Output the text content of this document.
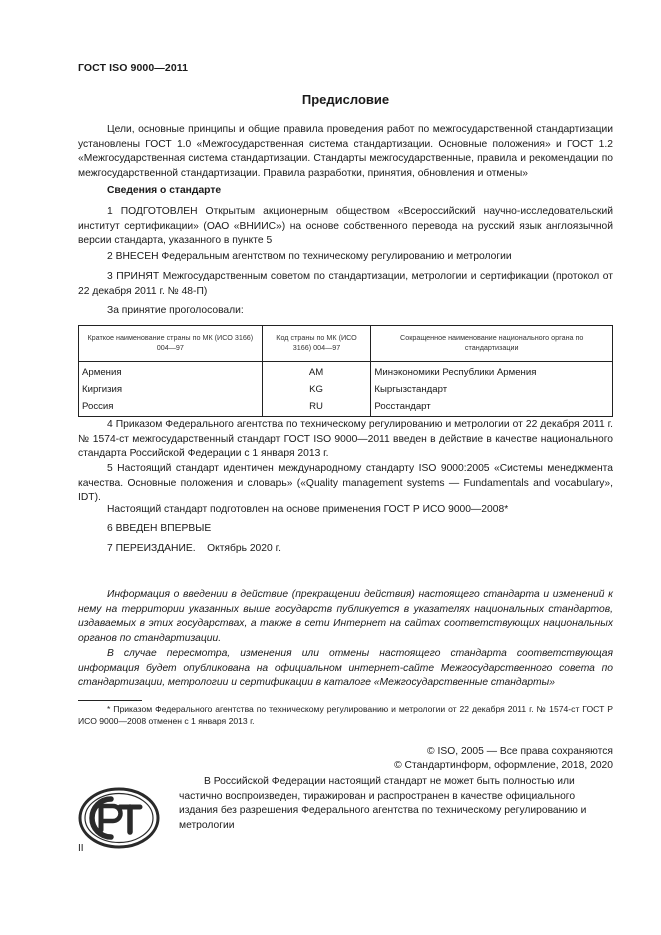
ГОСТ ISO 9000—2011
Предисловие

Цели, основные принципы и общие правила проведения работ по межгосударственной стандартизации установлены ГОСТ 1.0 «Межгосударственная система стандартизации. Основные положения» и ГОСТ 1.2 «Межгосударственная система стандартизации. Стандарты межгосударственные, правила и рекомендации по межгосударственной стандартизации. Правила разработки, принятия, обновления и отмены»

Сведения о стандарте

1 ПОДГОТОВЛЕН Открытым акционерным обществом «Всероссийский научно-исследовательский институт сертификации» (ОАО «ВНИИС») на основе собственного перевода на русский язык англоязычной версии стандарта, указанного в пункте 5

2 ВНЕСЕН Федеральным агентством по техническому регулированию и метрологии

3 ПРИНЯТ Межгосударственным советом по стандартизации, метрологии и сертификации (протокол от 22 декабря 2011 г. № 48-П)

За принятие проголосовали:

Краткое наименование страны по МК (ИСО 3166) 004—97	Код страны по МК (ИСО 3166) 004—97	Сокращенное наименование национального органа по стандартизации
Армения	AM	Минэкономики Республики Армения
Киргизия	KG	Кыргызстандарт
Россия	RU	Росстандарт

4 Приказом Федерального агентства по техническому регулированию и метрологии от 22 декабря 2011 г. № 1574-ст межгосударственный стандарт ГОСТ ISO 9000—2011 введен в действие в качестве национального стандарта Российской Федерации с 1 января 2013 г.

5 Настоящий стандарт идентичен международному стандарту ISO 9000:2005 «Системы менеджмента качества. Основные положения и словарь» («Quality management systems — Fundamentals and vocabulary», IDT).

Настоящий стандарт подготовлен на основе применения ГОСТ Р ИСО 9000—2008*

6 ВВЕДЕН ВПЕРВЫЕ

7 ПЕРЕИЗДАНИЕ.    Октябрь 2020 г.

Информация о введении в действие (прекращении действия) настоящего стандарта и изменений к нему на территории указанных выше государств публикуется в указателях национальных стандартов, издаваемых в этих государствах, а также в сети Интернет на сайтах соответствующих национальных органов по стандартизации.

В случае пересмотра, изменения или отмены настоящего стандарта соответствующая информация будет опубликована на официальном интернет-сайте Межгосударственного совета по стандартизации, метрологии и сертификации в каталоге «Межгосударственные стандарты»

* Приказом Федерального агентства по техническому регулированию и метрологии от 22 декабря 2011 г. № 1574-ст ГОСТ Р ИСО 9000—2008 отменен с 1 января 2013 г.

© ISO, 2005 — Все права сохраняются
© Стандартинформ, оформление, 2018, 2020

В Российской Федерации настоящий стандарт не может быть полностью или частично воспроизведен, тиражирован и распространен в качестве официального издания без разрешения Федерального агентства по техническому регулированию и метрологии

II
